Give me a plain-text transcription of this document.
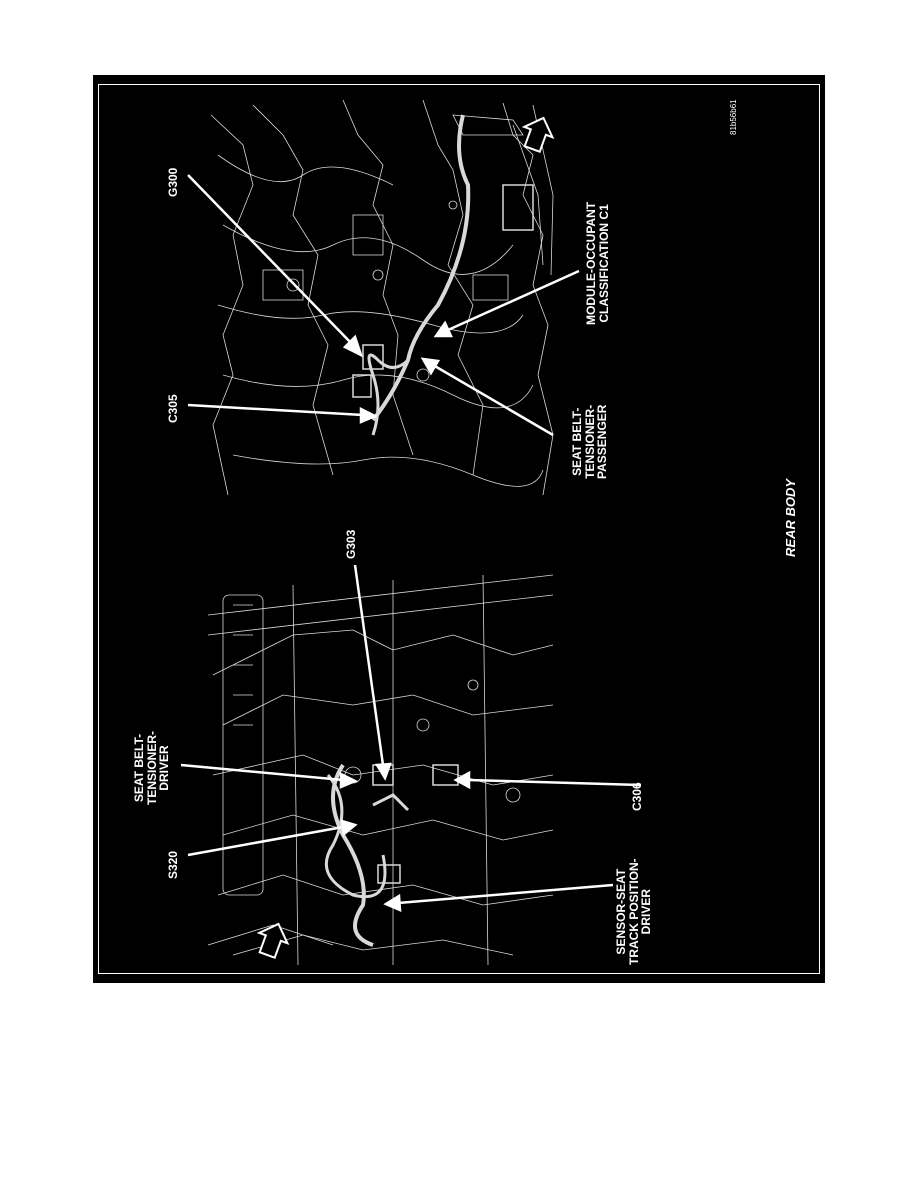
81b56b61
G300
C305
MODULE-OCCUPANT
CLASSIFICATION C1
SEAT BELT-
TENSIONER-
PASSENGER
G303	REAR BODY
SEAT BELT-
TENSIONER-
DRIVER
S320
C306
SENSOR-SEAT
TRACK POSITION-
DRIVER
